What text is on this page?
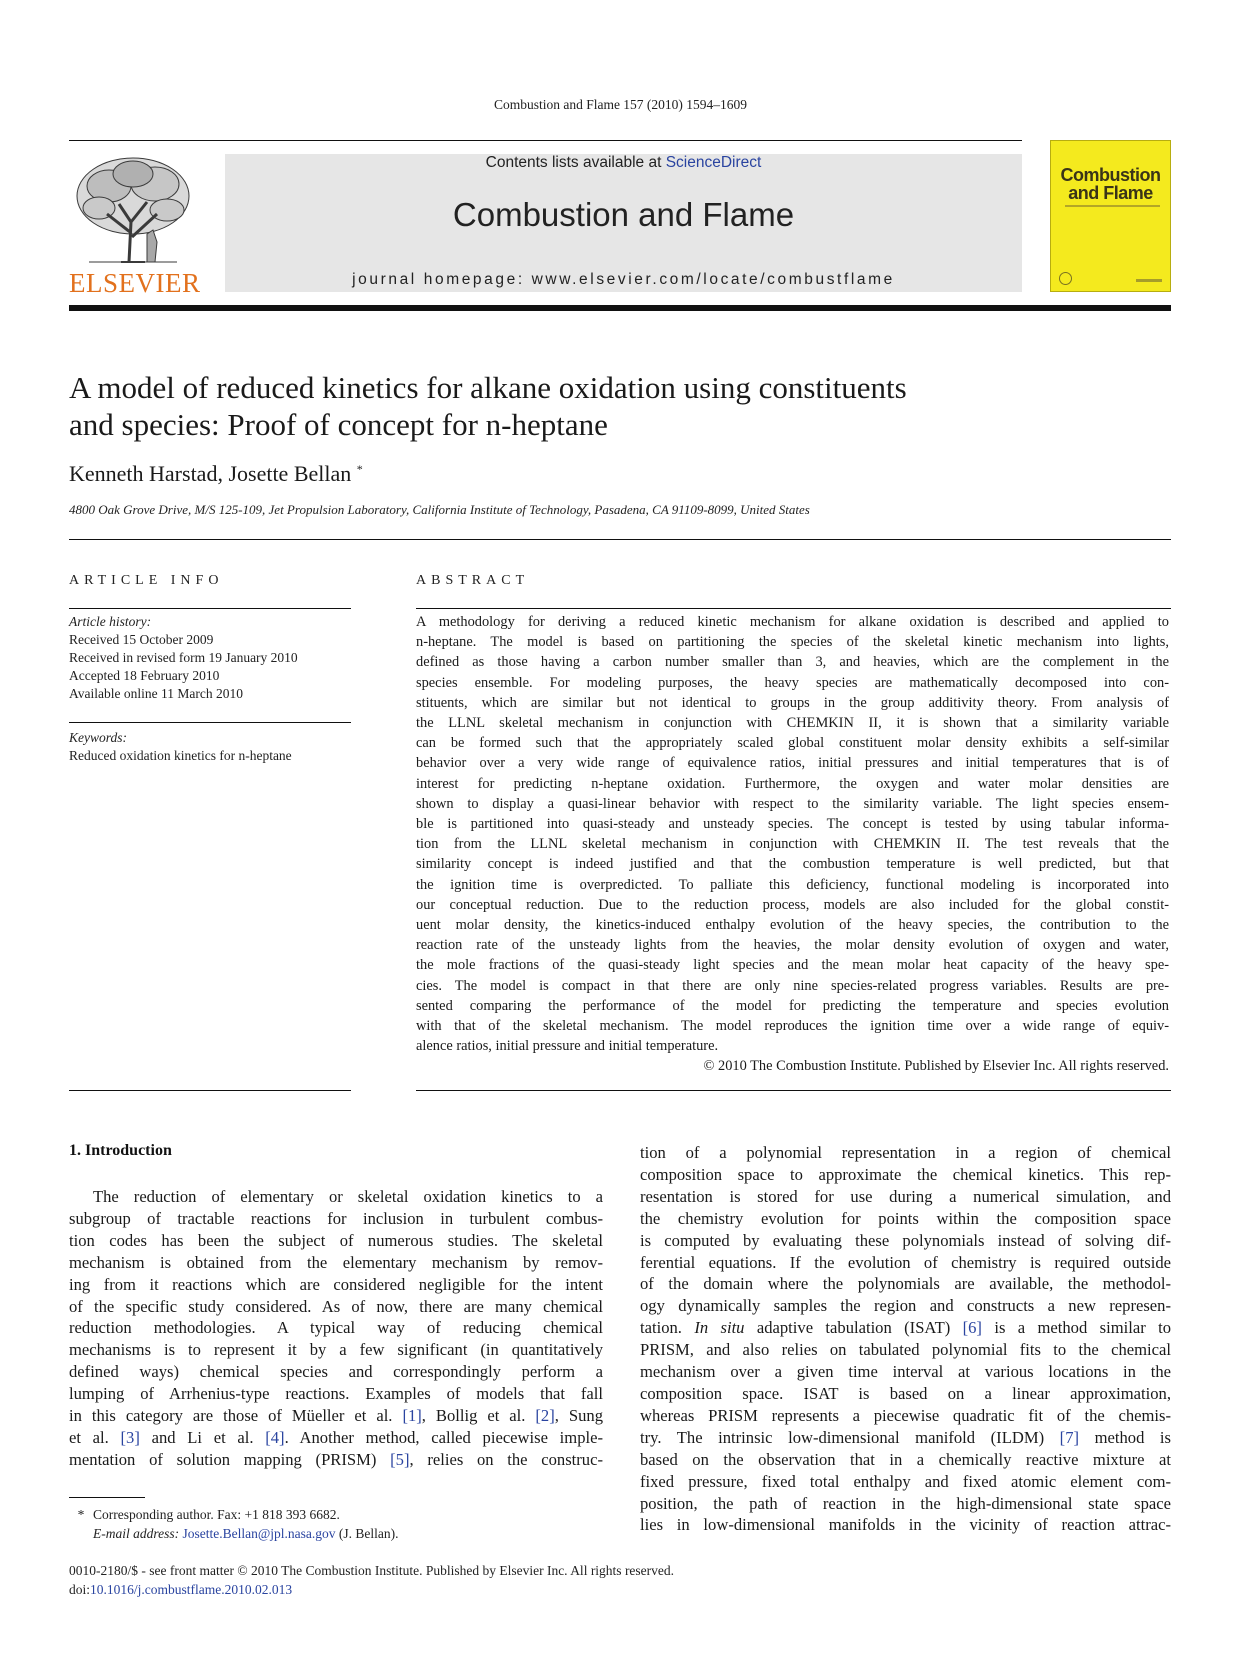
Combustion and Flame 157 (2010) 1594–1609
ELSEVIER
Contents lists available at ScienceDirect
Combustion and Flame
journal homepage: www.elsevier.com/locate/combustflame
Combustion and Flame
A model of reduced kinetics for alkane oxidation using constituents
and species: Proof of concept for n-heptane
Kenneth Harstad, Josette Bellan *
4800 Oak Grove Drive, M/S 125-109, Jet Propulsion Laboratory, California Institute of Technology, Pasadena, CA 91109-8099, United States
ARTICLE INFO
Article history:
Received 15 October 2009
Received in revised form 19 January 2010
Accepted 18 February 2010
Available online 11 March 2010
Keywords:
Reduced oxidation kinetics for n-heptane
ABSTRACT
A methodology for deriving a reduced kinetic mechanism for alkane oxidation is described and applied to
n-heptane. The model is based on partitioning the species of the skeletal kinetic mechanism into lights,
defined as those having a carbon number smaller than 3, and heavies, which are the complement in the
species ensemble. For modeling purposes, the heavy species are mathematically decomposed into con-
stituents, which are similar but not identical to groups in the group additivity theory. From analysis of
the LLNL skeletal mechanism in conjunction with CHEMKIN II, it is shown that a similarity variable
can be formed such that the appropriately scaled global constituent molar density exhibits a self-similar
behavior over a very wide range of equivalence ratios, initial pressures and initial temperatures that is of
interest for predicting n-heptane oxidation. Furthermore, the oxygen and water molar densities are
shown to display a quasi-linear behavior with respect to the similarity variable. The light species ensem-
ble is partitioned into quasi-steady and unsteady species. The concept is tested by using tabular informa-
tion from the LLNL skeletal mechanism in conjunction with CHEMKIN II. The test reveals that the
similarity concept is indeed justified and that the combustion temperature is well predicted, but that
the ignition time is overpredicted. To palliate this deficiency, functional modeling is incorporated into
our conceptual reduction. Due to the reduction process, models are also included for the global constit-
uent molar density, the kinetics-induced enthalpy evolution of the heavy species, the contribution to the
reaction rate of the unsteady lights from the heavies, the molar density evolution of oxygen and water,
the mole fractions of the quasi-steady light species and the mean molar heat capacity of the heavy spe-
cies. The model is compact in that there are only nine species-related progress variables. Results are pre-
sented comparing the performance of the model for predicting the temperature and species evolution
with that of the skeletal mechanism. The model reproduces the ignition time over a wide range of equiv-
alence ratios, initial pressure and initial temperature.
© 2010 The Combustion Institute. Published by Elsevier Inc. All rights reserved.
1. Introduction
The reduction of elementary or skeletal oxidation kinetics to a
subgroup of tractable reactions for inclusion in turbulent combus-
tion codes has been the subject of numerous studies. The skeletal
mechanism is obtained from the elementary mechanism by remov-
ing from it reactions which are considered negligible for the intent
of the specific study considered. As of now, there are many chemical
reduction methodologies. A typical way of reducing chemical
mechanisms is to represent it by a few significant (in quantitatively
defined ways) chemical species and correspondingly perform a
lumping of Arrhenius-type reactions. Examples of models that fall
in this category are those of Müeller et al. [1], Bollig et al. [2], Sung
et al. [3] and Li et al. [4]. Another method, called piecewise imple-
mentation of solution mapping (PRISM) [5], relies on the construc-
tion of a polynomial representation in a region of chemical
composition space to approximate the chemical kinetics. This rep-
resentation is stored for use during a numerical simulation, and
the chemistry evolution for points within the composition space
is computed by evaluating these polynomials instead of solving dif-
ferential equations. If the evolution of chemistry is required outside
of the domain where the polynomials are available, the methodol-
ogy dynamically samples the region and constructs a new represen-
tation. In situ adaptive tabulation (ISAT) [6] is a method similar to
PRISM, and also relies on tabulated polynomial fits to the chemical
mechanism over a given time interval at various locations in the
composition space. ISAT is based on a linear approximation,
whereas PRISM represents a piecewise quadratic fit of the chemis-
try. The intrinsic low-dimensional manifold (ILDM) [7] method is
based on the observation that in a chemically reactive mixture at
fixed pressure, fixed total enthalpy and fixed atomic element com-
position, the path of reaction in the high-dimensional state space
lies in low-dimensional manifolds in the vicinity of reaction attrac-
* Corresponding author. Fax: +1 818 393 6682.
E-mail address: Josette.Bellan@jpl.nasa.gov (J. Bellan).
0010-2180/$ - see front matter © 2010 The Combustion Institute. Published by Elsevier Inc. All rights reserved.
doi:10.1016/j.combustflame.2010.02.013
